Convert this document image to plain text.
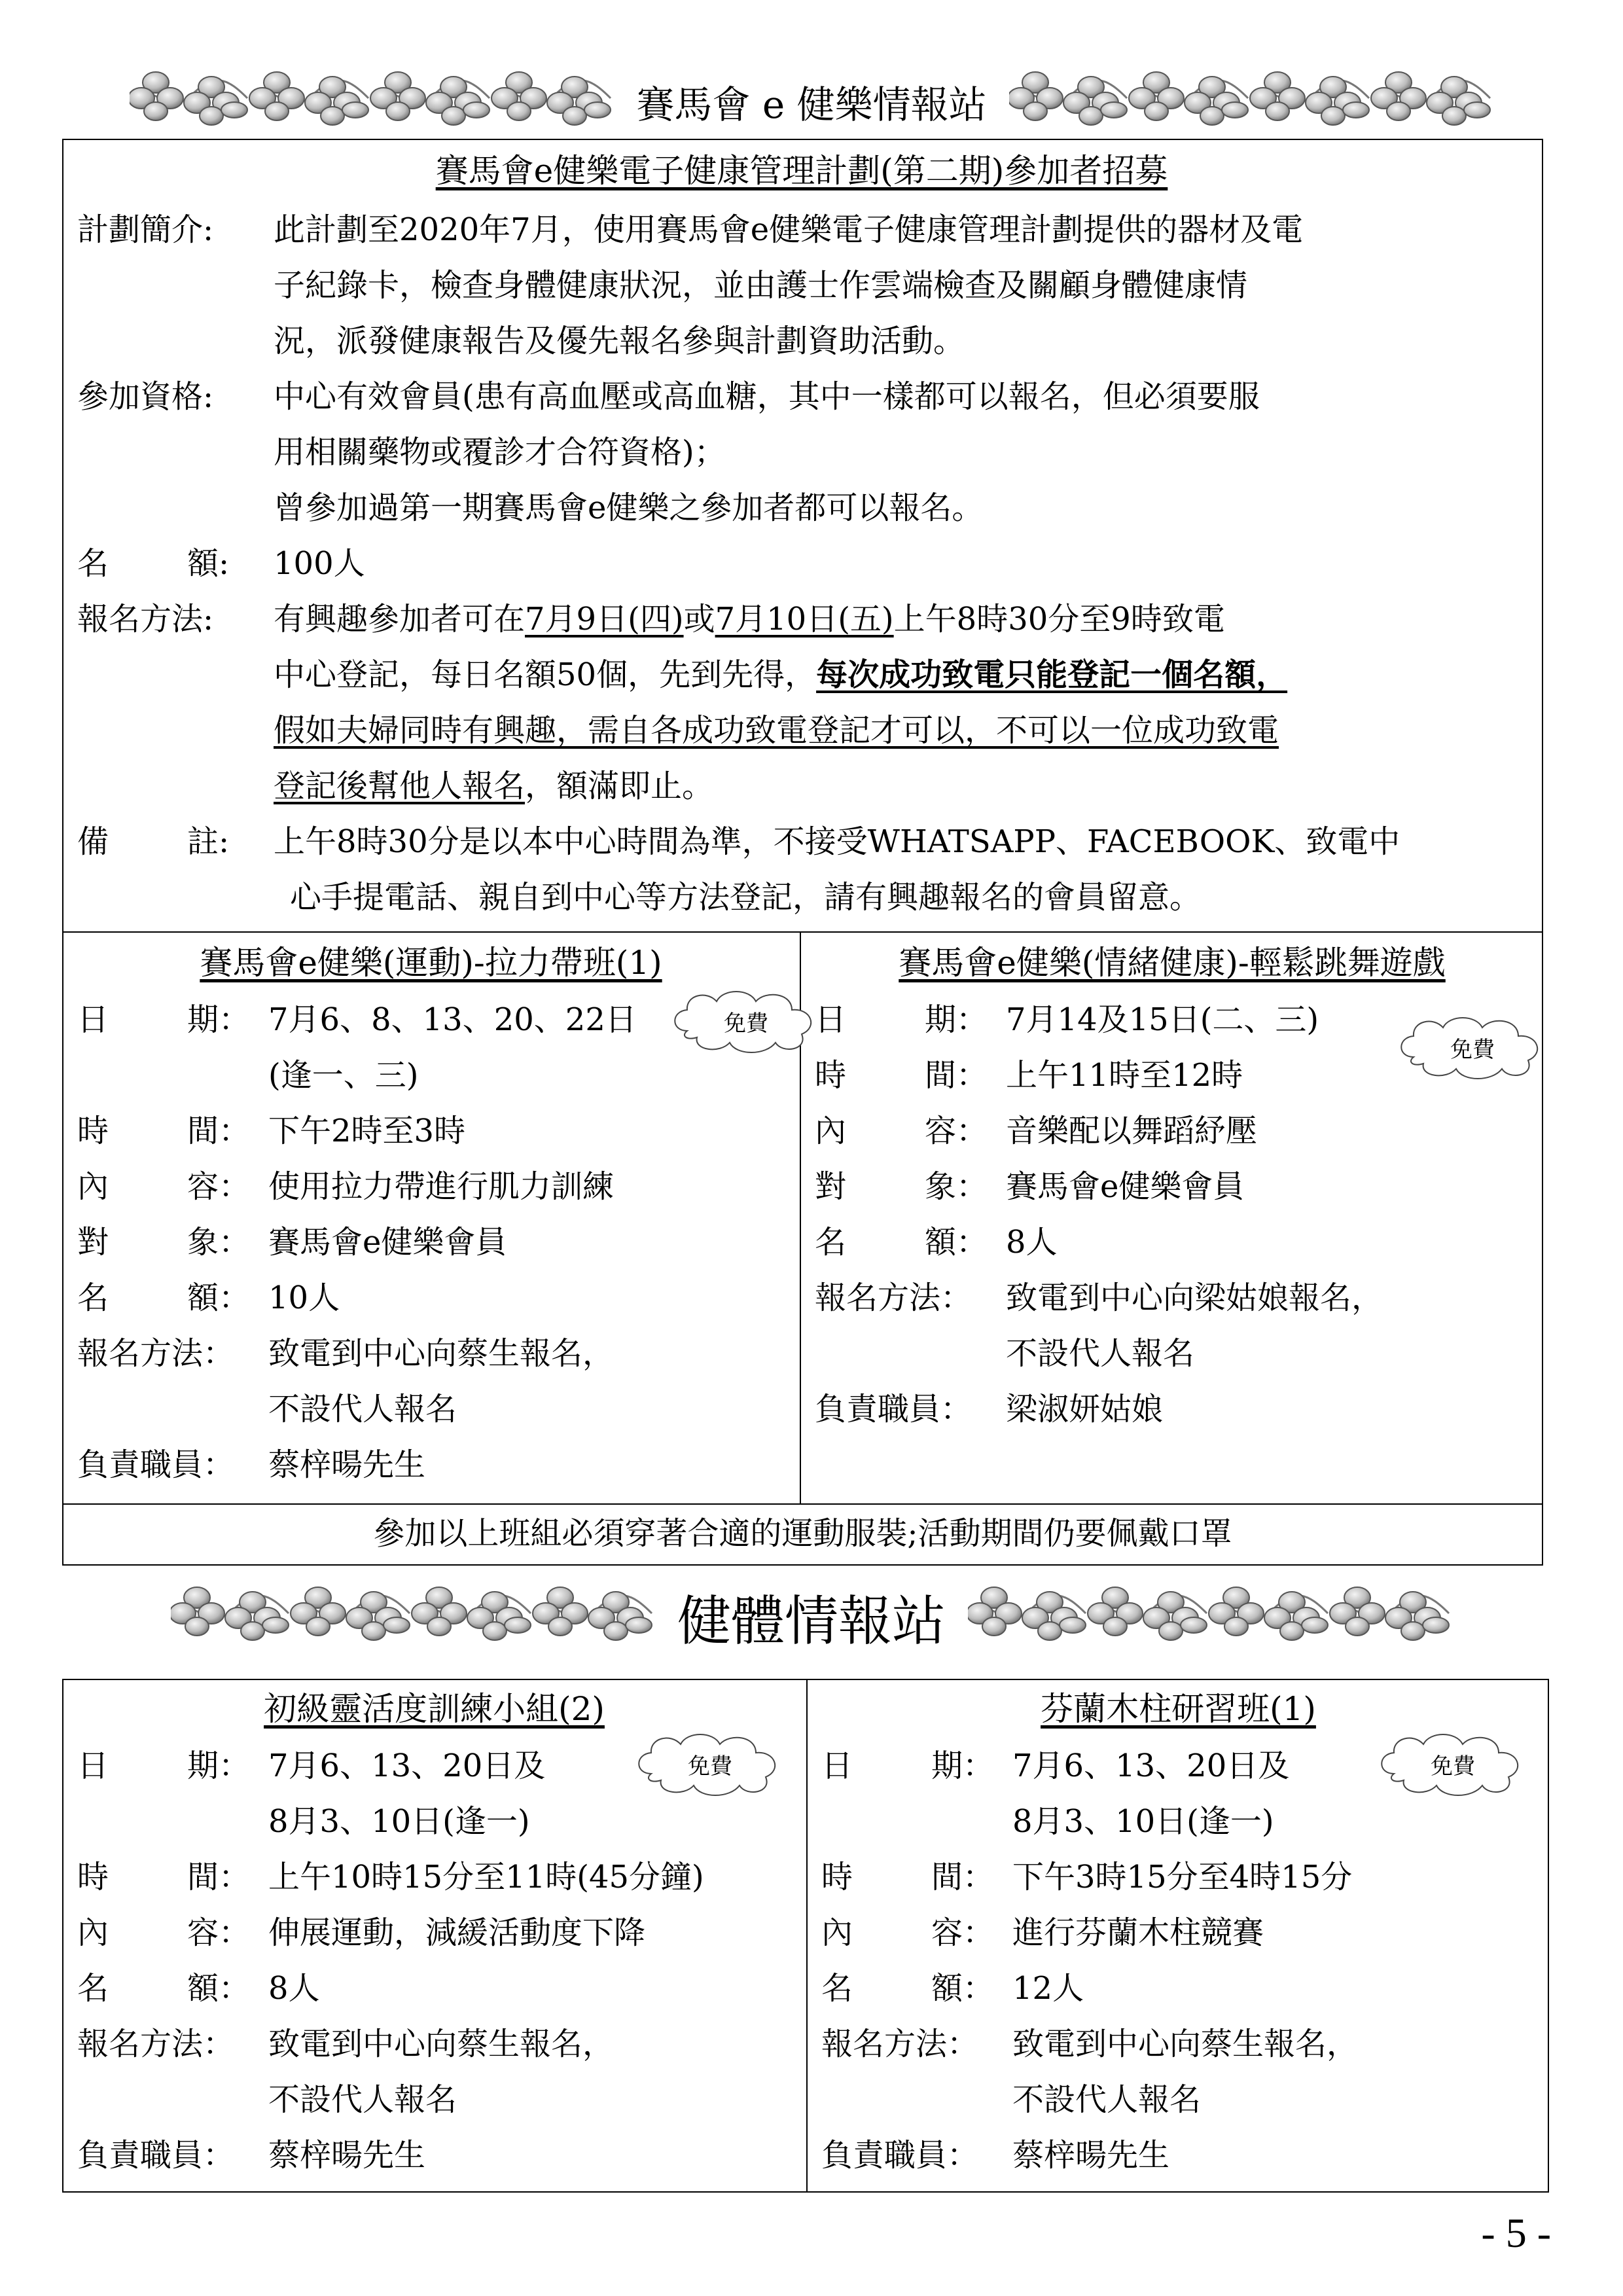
賽馬會 e 健樂情報站
賽馬會e健樂電子健康管理計劃(第二期)參加者招募
計劃簡介: 此計劃至2020年7月，使用賽馬會e健樂電子健康管理計劃提供的器材及電
子紀錄卡，檢查身體健康狀況，並由護士作雲端檢查及關顧身體健康情
況，派發健康報告及優先報名參與計劃資助活動。
參加資格: 中心有效會員(患有高血壓或高血糖，其中一樣都可以報名，但必須要服
用相關藥物或覆診才合符資格)；
曾參加過第一期賽馬會e健樂之參加者都可以報名。
名	額: 100人
報名方法: 有興趣參加者可在7月9日(四)或7月10日(五)上午8時30分至9時致電
中心登記，每日名額50個，先到先得，每次成功致電只能登記一個名額，
假如夫婦同時有興趣，需自各成功致電登記才可以，不可以一位成功致電
登記後幫他人報名，額滿即止。
備	註: 上午8時30分是以本中心時間為準，不接受WHATSAPP、FACEBOOK、致電中
心手提電話、親自到中心等方法登記，請有興趣報名的會員留意。
賽馬會e健樂(運動)-拉力帶班(1)
日	期： 7月6、8、13、20、22日
(逢一、三)
時	間： 下午2時至3時
內	容： 使用拉力帶進行肌力訓練
對	象： 賽馬會e健樂會員
名	額： 10人
報名方法： 致電到中心向蔡生報名，
不設代人報名
負責職員： 蔡梓暘先生
免費
賽馬會e健樂(情緒健康)-輕鬆跳舞遊戲
日	期： 7月14及15日(二、三)
時	間： 上午11時至12時
內	容： 音樂配以舞蹈紓壓
對	象： 賽馬會e健樂會員
名	額： 8人
報名方法： 致電到中心向梁姑娘報名，
不設代人報名
負責職員： 梁淑妍姑娘
免費
參加以上班組必須穿著合適的運動服裝;活動期間仍要佩戴口罩
健體情報站
初級靈活度訓練小組(2)
日	期： 7月6、13、20日及
8月3、10日(逢一)
時	間： 上午10時15分至11時(45分鐘)
內	容： 伸展運動，減緩活動度下降
名	額： 8人
報名方法： 致電到中心向蔡生報名，
不設代人報名
負責職員： 蔡梓暘先生
免費
芬蘭木柱研習班(1)
日	期： 7月6、13、20日及
8月3、10日(逢一)
時	間： 下午3時15分至4時15分
內	容： 進行芬蘭木柱競賽
名	額： 12人
報名方法： 致電到中心向蔡生報名，
不設代人報名
負責職員： 蔡梓暘先生
免費
- 5 -
